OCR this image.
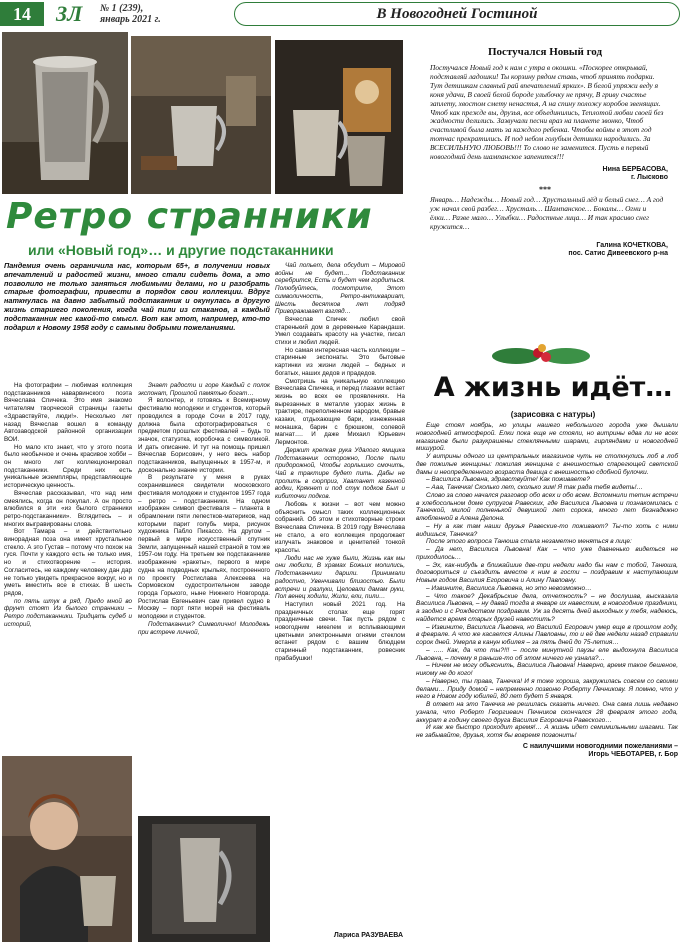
14	ЗЛ № 1 (239),
январь 2021 г.	В Новогодней Гостиной
Ретро странники
или «Новый год»… и другие подстаканники
Пандемия очень ограничила нас, которым 65+, в получении новых впечатлений и радостей жизни, много стали сидеть дома, а это позволило не только заняться любимыми делами, но и разобрать старые фотографии, привести в порядок свои коллекции. Вдруг наткнулась на давно забытый подстаканник и окунулась в другую жизнь старшего поколения, когда чай пили из стаканов, а каждый подстаканник нес какой-то смысл. Вот как этот, например, кто-то подарил к Новому 1958 году с самыми добрыми пожеланиями.

На фотографии – любимая коллекция подстаканников наварвинского поэта Вячеслава Спичека. Это имя знакомо читателям творческой страницы газеты «Здравствуйте, люди!». Несколько лет назад Вячеслав вошел в команду Автозаводской районной организации ВОИ.

Но мало кто знает, что у этого поэта было необычное и очень красивое хобби – он много лет коллекционировал подстаканники. Среди них есть уникальные экземпляры, представляющие историческую ценность.

Вячеслав рассказывал, что над ним смеялись, когда он покупал. А он просто влюбился в эти «из былого странники ретро-подстаканники». Вглядитесь – и многих выгравированы слова.

Вот Тамара – и действительно винорадная поза она имеет хрустальное стекло. А это Густав – потому что похож на гуся. Почти у каждого есть не только имя, но и стихотворение – история. Согласитесь, не каждому человеку дан дар не только увидеть прекрасное вокруг, но и уметь вместить все в стихах. В шесть рядов,

по пять штук в ряд, Предо мной во фрунт стоят Из былого странники – Ретро подстаканники. Тридцать судеб и историй,

Знает радости и горе Каждый с полок экспонат, Прошлой памятью богат…

Я волонтер, и готовясь к Всемирному фестивалю молодежи и студентов, который проводился в городе Сочи в 2017 году, должна была сфотографироваться с предметом прошлых фестивалей – будь то значок, статуэтка, коробочка с символикой. И дать описание. И тут на помощь пришел Вячеслав Борисович, у него весь набор подстаканников, выпущенных в 1957-м, и досконально знание истории.

В результате у меня в руках сохранившиеся свидетели московского фестиваля молодежи и студентов 1957 года – ретро – подстаканники. На одном изображен символ фестиваля – планета в обрамлении пяти лепестков-материков, над которыми парит голубь мира, рисунок художника Пабло Пикассо. На другом – первый в мире искусственный спутник Земли, запущенный нашей страной в том же 1957-ом году. На третьем же подстаканнике изображение «ракеты», первого в мире судна на подводных крыльях, построенного по проекту Ростислава Алексеева на Сормовском судостроительном заводе города Горького, ныне Нижнего Новгорода. Ростислав Евгеньевич сам привел судно в Москву – порт пяти морей на фестиваль молодежи и студентов.

Подстаканник? Символично! Молодежь при встрече личной,

Чай попьет, дела обсудит – Мировой войны не будет… Подстаканник серебрится, Есть и будет чем гордиться. Полюбуйтесь, посмотрите, Этот символичность, Ретро-антиквариат, Шесть десятков лет подряд Привораживает взгляд…

Вячеслав Спичек любил свой старенький дом в деревеньке Карандаши. Умел создавать красоту на участке, писал стихи и любил людей.

Но самая интересная часть коллекции – старинные экспонаты. Это бытовые картинки из жизни людей – бедных и богатых, наших дедов и прадедов.

Смотришь на уникальную коллекцию Вячеслава Спичека, и перед глазами встает жизнь во всех ее проявлениях. На вырезанных в металле узорах жизнь в трактире, переполненном народом, бравые казаки, отдыхающие бари, изнеженная монашка, барин с брюшком, солевой магнат…. И даже Михаил Юрьевич Лермонтов.

Держит крепкая рука Удалого ямщика Подстаканник осторожно, После пыли придорожной, Чтобы горлышко смочить, Чай в трактире будет пить. Дабы не пролить в сюрприз, Хватанет казенной водки, Крякнет и под стук подков Был и кибиточки подков.

Любовь к жизни – вот чем можно объяснить смысл таких коллекционных собраний. Об этом и стихотворные строки Вячеслава Спичека. В 2019 году Вячеслава не стало, а его коллекция продолжает излучать знаковое и ценителей тонкой красоты.

Люди нас не хуже были, Жизнь как мы они любили, В храмах Божьих молились, Подстаканники дарили. Принимали радостно, Увенчивали близостью. Были встречи и разлуки, Целовали дамам руки, Пол венец ходили, Жили, ели, пили…

Наступил новый 2021 год. На праздничных столах еще горят праздничные свечи. Так пусть рядом с новогодним никелем и всплывающими цветными электронными огнями стеклом встанет рядом с вашим блюдцем старинный подстаканник, ровесник прабабушки!

Лариса РАЗУВАЕВА
Постучался Новый год
Постучался Новый год к нам с утра в окошки. «Поскорее открывай, подставляй ладошки! Ты корзину рядом ставь, чтоб принять подарки. Тут детишкам славный рай впечатлений ярких». В белой упряжи веду я коня удачи, В своей белой бороде улыбочку не прячу, В гриву счастье заплету, хвостом смету ненастья, А на спину положу коробов звенящих. Чтоб как прежде вы, друзья, все объединились, Теплотой любви своей без жадности делились. Зазвучали песни враз на планете звонко, Чтоб счастливой была мать за каждого ребенка. Чтобы войны в этот год тотчас прекратились. И под небом голубым детишки народились. За ВСЕСИЛЬНУЮ ЛЮБОВЬ!!! То слово не заменится. Пусть в первый новогодний день шампанское запенится!!!
Нина БЕРБАСОВА,
г. Лысково
***
Январь… Надежды… Новый год… Хрустальный лёд и белый снег… А год уж начал свой разбег… Хрусталь… Шампанское… Бокалы… Огни и ёлки… Разве мало… Улыбки… Радостные лица… И так красиво снег кружится…
Галина КОЧЕТКОВА,
пос. Сатис Дивеевского р-на
А жизнь идёт…
(зарисовка с натуры)

Еще стоял ноябрь, но улицы нашего небольшого города уже дышали новогодней атмосферой. Елки пока еще не стояли, но витрины едва ли не всех магазинов были разукрашены стеклянными шарами, гирляндами и новогодней мишурой.

У витрины одного из центральных магазинов чуть не столкнулись лоб в лоб две пожилые женщины: пожилая женщина с внешностью спарегющей светской дамы и неопределенного возраста девица с внешностью сдобной булочки.

– Василиса Львовна, здравствуйте! Как поживаете?

– Ааа, Танечка! Сколько лет, сколько зим! Я так рада тебя видеть!…

Слово за слово начался разговор обо всех и обо всем. Вспомнили тетин встречи в хлебосольном доме супругов Равеских, где Василиса Львовна и познакомилась с Танечкой, милой полненькой девушкой лет сорока, много лет безнадежно влюбленной в Алена Делона.

– Ну а как там наши друзья Равеские-то поживают? Ты-то хоть с ними видишься, Танечка?

После этого вопроса Танюша стала незаметно меняться в лице:

– Да нет, Василиса Львовна! Как – что уже давненько видеться не приходилось…

– Эх, как-нибудь в ближайшие две-три недели надо бы нам с тобой, Танюша, договориться и съездить вместе к ним в гости – поздравим к наступающим Новым годом Василия Егоровича и Алину Павловну.

– Извините, Василиса Львовна, но это невозможно…

– Что такое? Декабрьские дела, отчетность? – не дослушав, высказала Василиса Львовна, – ну давай тогда в январе их навестим, в новогодние праздники, а заодно и с Рождеством поздравим. Уж за десять дней выходных у тебя, надеюсь, найдется время старых друзей навестить?

– Извините, Василиса Львовна, но Василий Егорович умер еще в прошлом году, в феврале. А что же касается Алины Павловны, то и её две недели назад справили сорок дней. Умерла в канун юбилея – за пять дней до 75-летия…

– ….. Как, да что ты?!!! – после минутной паузы еле выдохнула Василиса Львовна, – почему я раньше-то об этом ничего не узнала?…

– Ничем не могу объяснить, Василиса Львовна! Наверно, время такое бешеное, никому не до кого!

– Наверно, ты права, Танечка! И я тоже хороша, закружилась совсем со своими делами… Приду домой – непременно позвоню Роберту Печникову. Я помню, что у него в Новом году юбилей, 80 лет будет 5 января.

В ответ на это Танечка не решилась сказать ничего. Она сама лишь недавно узнала, что Роберт Георгиевич Печников скончался 28 февраля этого года, аккурат в годину своего друга Василия Егоровича Равеского…

И как же быстро проходит время!… А жизнь идет семимильными шагами. Так не забывайте, друзья, хотя бы вовремя позвонить!

С наилучшими новогодними пожеланиями –
Игорь ЧЕБОТАРЕВ, г. Бор
